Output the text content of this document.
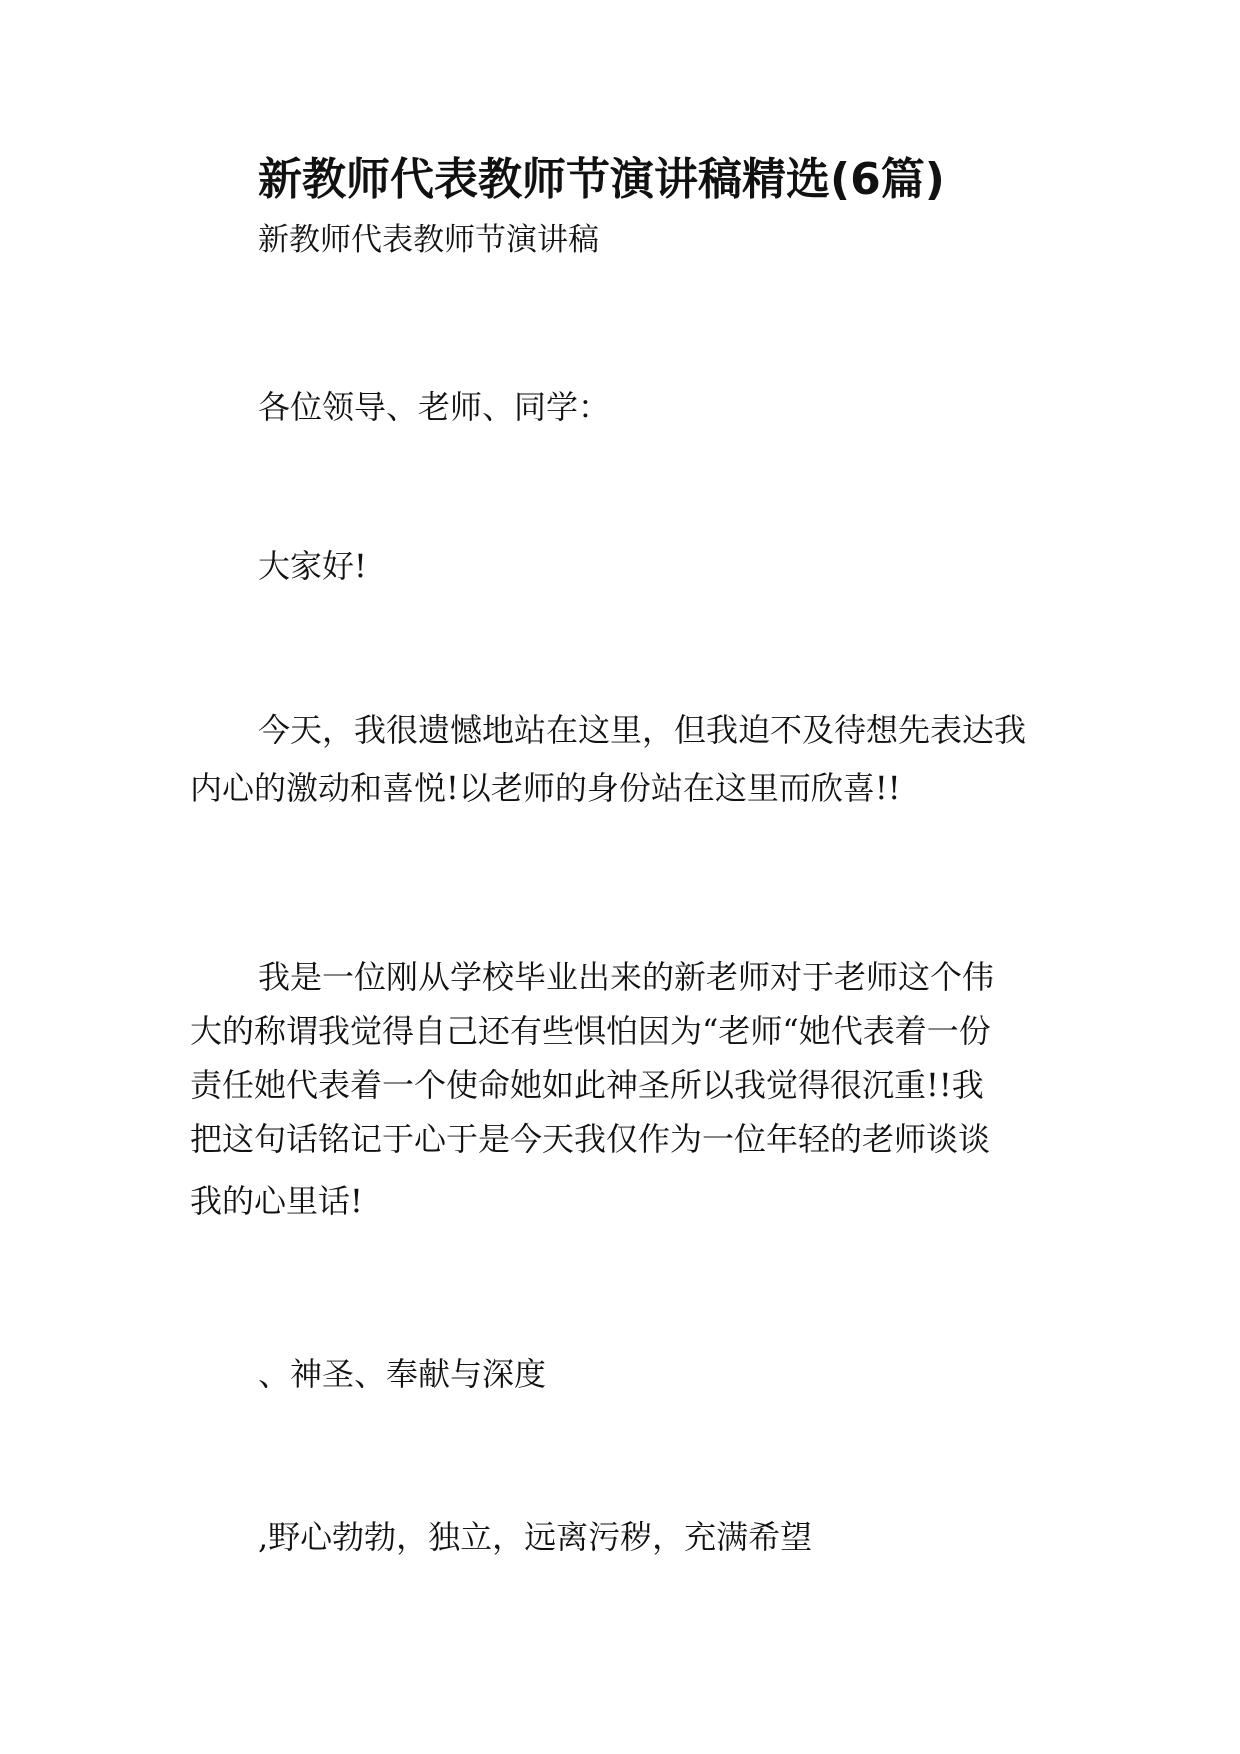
新教师代表教师节演讲稿精选(6篇)

新教师代表教师节演讲稿

各位领导、老师、同学：

大家好!

今天，我很遗憾地站在这里，但我迫不及待想先表达我
内心的激动和喜悦!以老师的身份站在这里而欣喜!!

我是一位刚从学校毕业出来的新老师对于老师这个伟
大的称谓我觉得自己还有些惧怕因为“老师“她代表着一份
责任她代表着一个使命她如此神圣所以我觉得很沉重!!我
把这句话铭记于心于是今天我仅作为一位年轻的老师谈谈
我的心里话!

、神圣、奉献与深度

,野心勃勃，独立，远离污秽，充满希望
